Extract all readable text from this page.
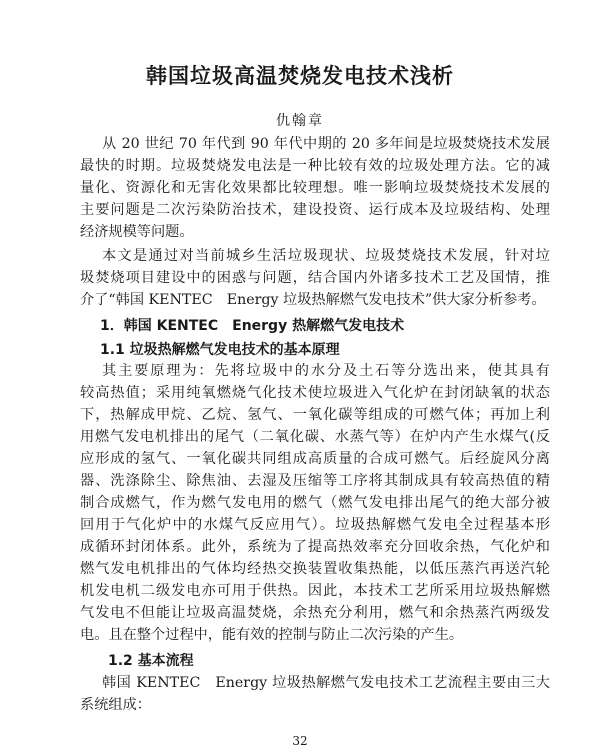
韩国垃圾高温焚烧发电技术浅析

仇翰章

从 20 世纪 70 年代到 90 年代中期的 20 多年间是垃圾焚烧技术发展
最快的时期。垃圾焚烧发电法是一种比较有效的垃圾处理方法。它的减
量化、资源化和无害化效果都比较理想。唯一影响垃圾焚烧技术发展的
主要问题是二次污染防治技术，建设投资、运行成本及垃圾结构、处理
经济规模等问题。
本文是通过对当前城乡生活垃圾现状、垃圾焚烧技术发展，针对垃
圾焚烧项目建设中的困惑与问题，结合国内外诸多技术工艺及国情，推
介了“韩国 KENTEC　Energy 垃圾热解燃气发电技术”供大家分析参考。
1．韩国 KENTEC　Energy 热解燃气发电技术
1.1 垃圾热解燃气发电技术的基本原理
其主要原理为：先将垃圾中的水分及土石等分选出来，使其具有
较高热值；采用纯氧燃烧气化技术使垃圾进入气化炉在封闭缺氧的状态
下，热解成甲烷、乙烷、氢气、一氧化碳等组成的可燃气体；再加上利
用燃气发电机排出的尾气（二氧化碳、水蒸气等）在炉内产生水煤气(反
应形成的氢气、一氧化碳共同组成高质量的合成可燃气。后经旋风分离
器、洗涤除尘、除焦油、去湿及压缩等工序将其制成具有较高热值的精
制合成燃气，作为燃气发电用的燃气（燃气发电排出尾气的绝大部分被
回用于气化炉中的水煤气反应用气）。垃圾热解燃气发电全过程基本形
成循环封闭体系。此外，系统为了提高热效率充分回收余热，气化炉和
燃气发电机排出的气体均经热交换装置收集热能，以低压蒸汽再送汽轮
机发电机二级发电亦可用于供热。因此，本技术工艺所采用垃圾热解燃
气发电不但能让垃圾高温焚烧，余热充分利用，燃气和余热蒸汽两级发
电。且在整个过程中，能有效的控制与防止二次污染的产生。
1.2 基本流程
韩国 KENTEC　Energy 垃圾热解燃气发电技术工艺流程主要由三大
系统组成：
32
